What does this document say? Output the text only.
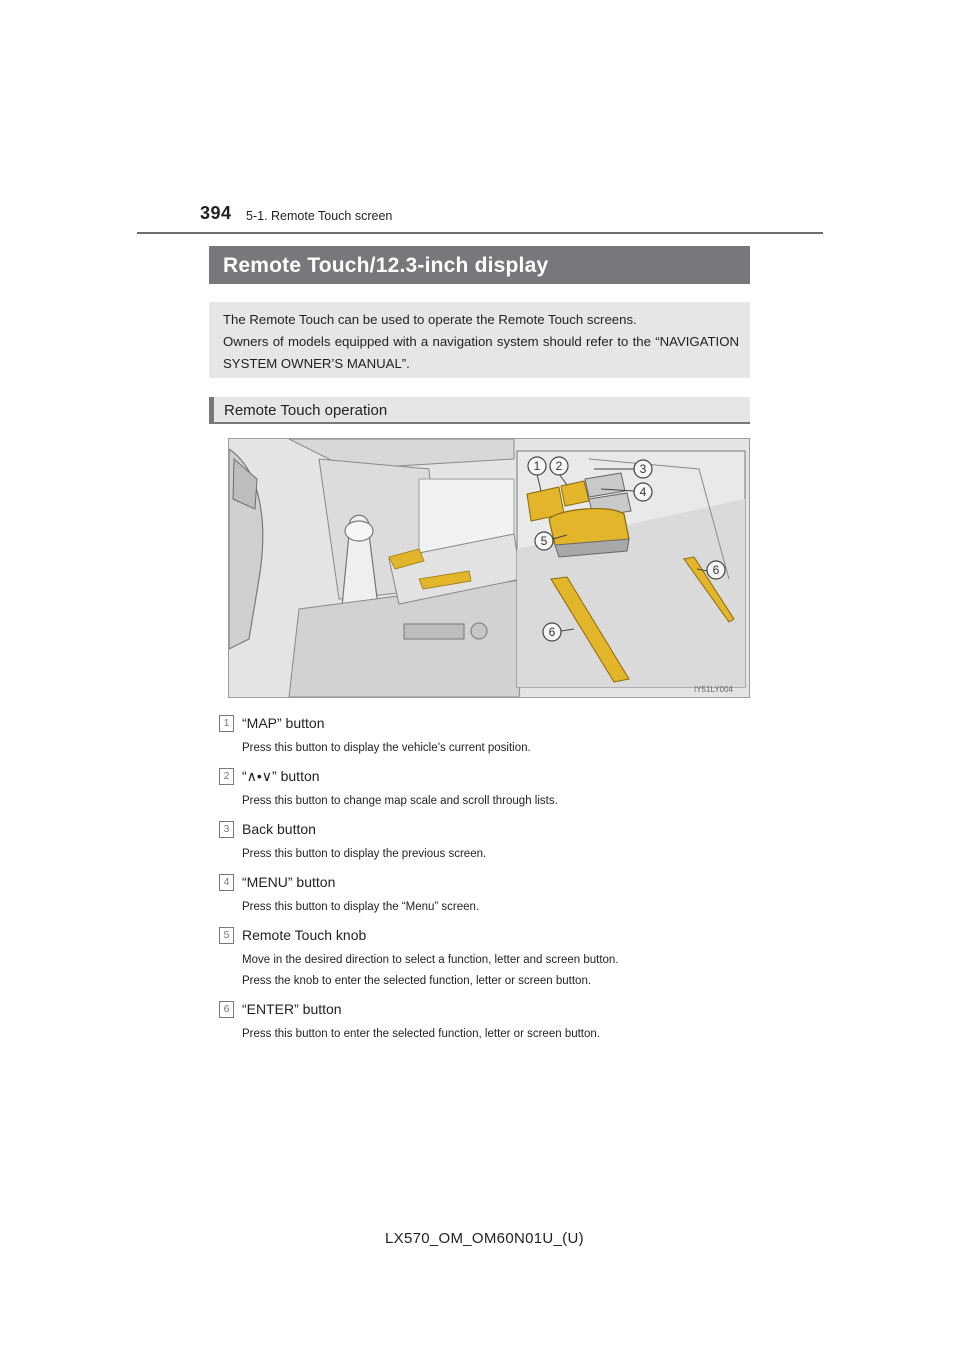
394 5-1. Remote Touch screen
Remote Touch/12.3-inch display

The Remote Touch can be used to operate the Remote Touch screens.

Owners of models equipped with a navigation system should refer to the “NAVIGATION SYSTEM OWNER’S MANUAL”.

Remote Touch operation
1 2	3
4
5
6
6
IY51LY004
1 “MAP” button
Press this button to display the vehicle’s current position.
2 “∧•∨” button
Press this button to change map scale and scroll through lists.
3 Back button
Press this button to display the previous screen.
4 “MENU” button
Press this button to display the “Menu” screen.
5 Remote Touch knob
Move in the desired direction to select a function, letter and screen button.
Press the knob to enter the selected function, letter or screen button.
6 “ENTER” button
Press this button to enter the selected function, letter or screen button.
LX570_OM_OM60N01U_(U)
